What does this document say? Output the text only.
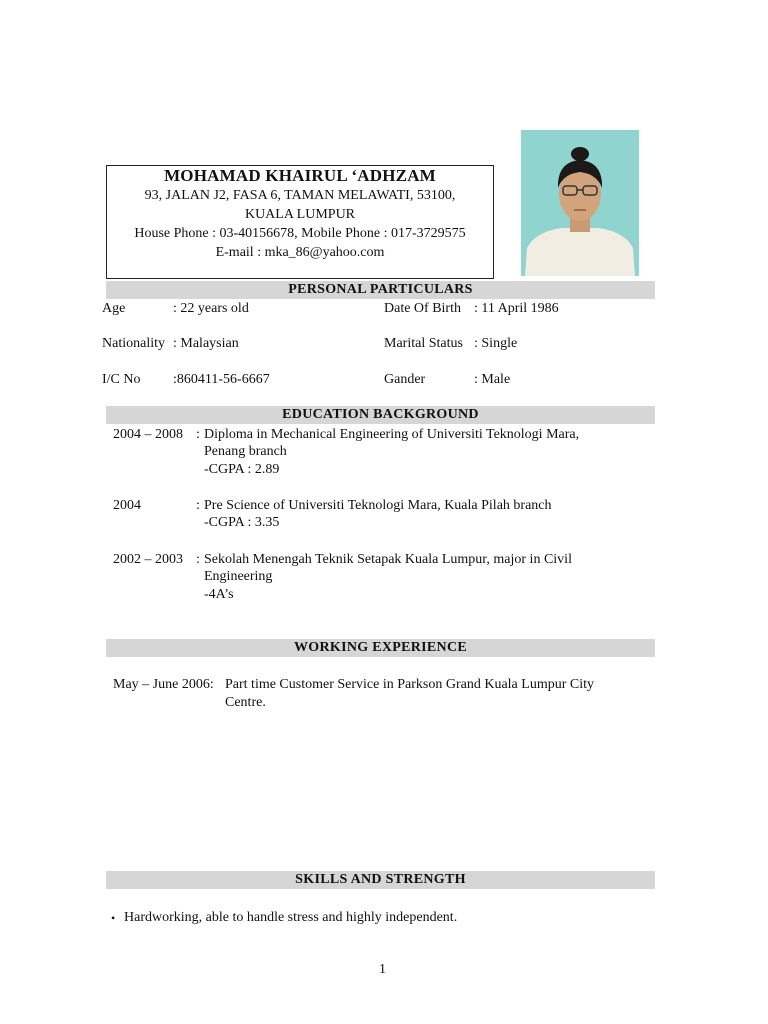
MOHAMAD KHAIRUL ‘ADHZAM
93, JALAN J2, FASA 6, TAMAN MELAWATI, 53100,
KUALA LUMPUR
House Phone : 03-40156678, Mobile Phone : 017-3729575
E-mail : mka_86@yahoo.com
PERSONAL PARTICULARS
Age	: 22 years old	Date Of Birth : 11 April 1986
Nationality : Malaysian	Marital Status : Single
I/C No :860411-56-6667	Gander	: Male
EDUCATION BACKGROUND
2004 – 2008 : Diploma in Mechanical Engineering of Universiti Teknologi Mara,
Penang branch
-CGPA : 2.89
2004	: Pre Science of Universiti Teknologi Mara, Kuala Pilah branch
-CGPA : 3.35
2002 – 2003 : Sekolah Menengah Teknik Setapak Kuala Lumpur, major in Civil
Engineering
-4A’s
WORKING EXPERIENCE
May – June 2006: Part time Customer Service in Parkson Grand Kuala Lumpur City
Centre.
SKILLS AND STRENGTH
• Hardworking, able to handle stress and highly independent.
1
